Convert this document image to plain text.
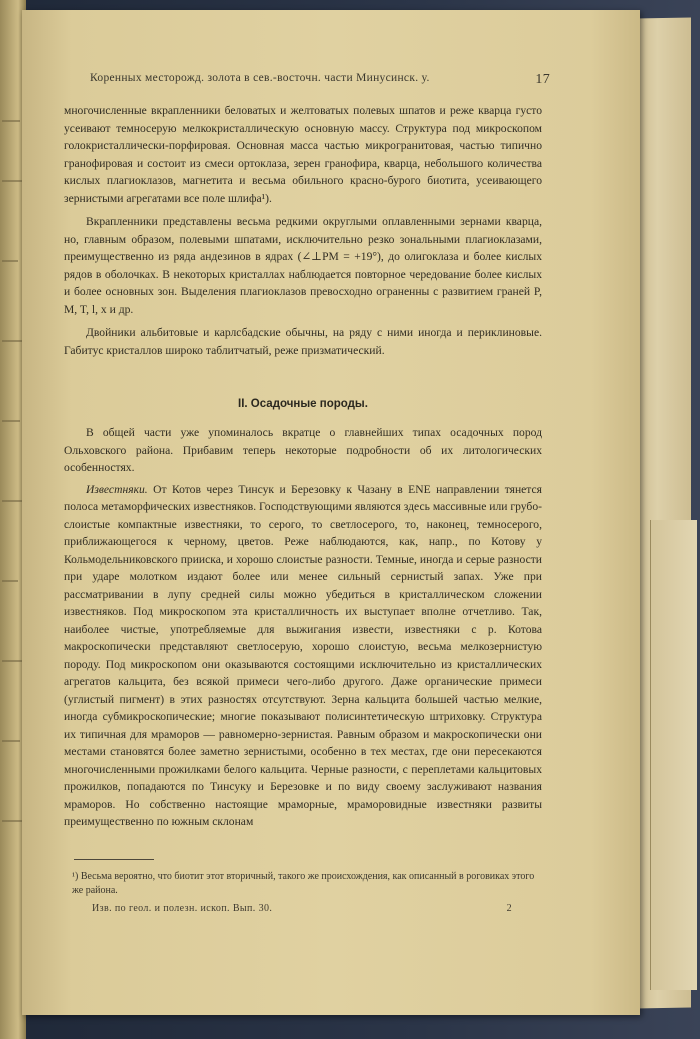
Коренных месторожд. золота в сев.-восточн. части Минусинск. у.	17

многочисленные вкрапленники беловатых и желтоватых полевых шпатов и реже кварца густо усеивают темносерую мелкокристаллическую основную массу. Структура под микроскопом голокристаллически-порфировая. Основная масса частью микрогранитовая, частью типично гранофировая и состоит из смеси ортоклаза, зерен гранофира, кварца, небольшого количества кислых плагиоклазов, магнетита и весьма обильного красно-бурого биотита, усеивающего зернистыми агрегатами все поле шлифа¹).

Вкрапленники представлены весьма редкими округлыми оплавленными зернами кварца, но, главным образом, полевыми шпатами, исключительно резко зональными плагиоклазами, преимущественно из ряда андезинов в ядрах (∠⊥PM = +19°), до олигоклаза и более кислых рядов в оболочках. В некоторых кристаллах наблюдается повторное чередование более кислых и более основных зон. Выделения плагиоклазов превосходно ограненны с развитием граней P, M, T, l, x и др.

Двойники альбитовые и карлсбадские обычны, на ряду с ними иногда и периклиновые. Габитус кристаллов широко таблитчатый, реже призматический.

II. Осадочные породы.

В общей части уже упоминалось вкратце о главнейших типах осадочных пород Ольховского района. Прибавим теперь некоторые подробности об их литологических особенностях.

Известняки. От Котов через Тинсук и Березовку к Чазану в ENE направлении тянется полоса метаморфических известняков. Господствующими являются здесь массивные или грубо-слоистые компактные известняки, то серого, то светлосерого, то, наконец, темносерого, приближающегося к черному, цветов. Реже наблюдаются, как, напр., по Котову у Кольмодельниковского прииска, и хорошо слоистые разности. Темные, иногда и серые разности при ударе молотком издают более или менее сильный сернистый запах. Уже при рассматривании в лупу средней силы можно убедиться в кристаллическом сложении известняков. Под микроскопом эта кристалличность их выступает вполне отчетливо. Так, наиболее чистые, употребляемые для выжигания извести, известняки с р. Котова макроскопически представляют светлосерую, хорошо слоистую, весьма мелкозернистую породу. Под микроскопом они оказываются состоящими исключительно из кристаллических агрегатов кальцита, без всякой примеси чего-либо другого. Даже органические примеси (углистый пигмент) в этих разностях отсутствуют. Зерна кальцита большей частью мелкие, иногда субмикроскопические; многие показывают полисинтетическую штриховку. Структура их типичная для мраморов — равномерно-зернистая. Равным образом и макроскопически они местами становятся более заметно зернистыми, особенно в тех местах, где они пересекаются многочисленными прожилками белого кальцита. Черные разности, с переплетами кальцитовых прожилков, попадаются по Тинсуку и Березовке и по виду своему заслуживают названия мраморов. Но собственно настоящие мраморные, мраморовидные известняки развиты преимущественно по южным склонам

¹) Весьма вероятно, что биотит этот вторичный, такого же происхождения, как описанный в роговиках этого же района.
Изв. по геол. и полезн. ископ. Вып. 30.	2
